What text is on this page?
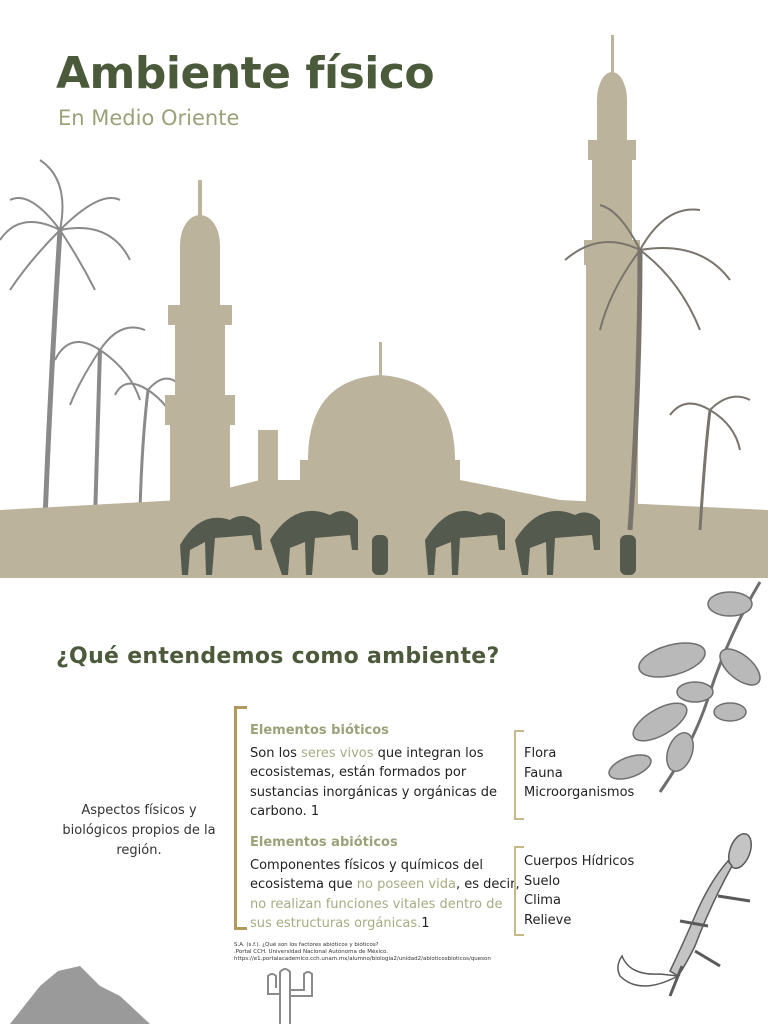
Ambiente físico
En Medio Oriente
¿Qué entendemos como ambiente?
Aspectos físicos y biológicos propios de la región.
Elementos bióticos
Son los seres vivos que integran los ecosistemas, están formados por sustancias inorgánicas y orgánicas de carbono. 1
Flora
Fauna
Microorganismos
Elementos abióticos
Componentes físicos y químicos del ecosistema que no poseen vida, es decir, no realizan funciones vitales dentro de sus estructuras orgánicas.1
Cuerpos Hídricos
Suelo
Clima
Relieve
S.A. (s.f.). ¿Qué son los factores abióticos y bióticos?
.Portal CCH. Universidad Nacional Autónoma de México.
https://e1.portalacademico.cch.unam.mx/alumno/biologia2/unidad2/abioticosbioticos/queson
